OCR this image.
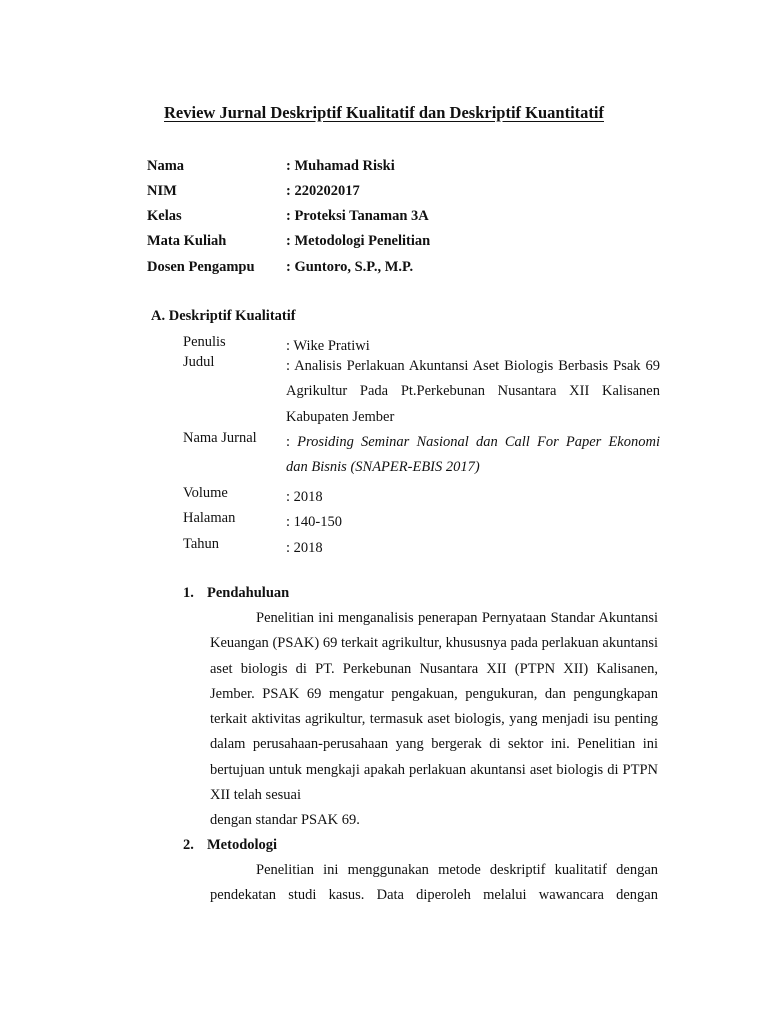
Review Jurnal Deskriptif Kualitatif dan Deskriptif Kuantitatif
Nama	: Muhamad Riski
NIM	: 220202017
Kelas	: Proteksi Tanaman 3A
Mata Kuliah	: Metodologi Penelitian
Dosen Pengampu : Guntoro, S.P., M.P.
A. Deskriptif Kualitatif
Penulis	: Wike Pratiwi
Judul	: Analisis Perlakuan Akuntansi Aset Biologis Berbasis Psak 69 Agrikultur Pada Pt.Perkebunan Nusantara XII Kalisanen
Kabupaten Jember
Nama Jurnal : Prosiding Seminar Nasional dan Call For Paper Ekonomi
dan Bisnis (SNAPER-EBIS 2017)
Volume	: 2018
Halaman	: 140-150
Tahun	: 2018
1. Pendahuluan
Penelitian ini menganalisis penerapan Pernyataan Standar Akuntansi Keuangan (PSAK) 69 terkait agrikultur, khususnya pada perlakuan akuntansi aset biologis di PT. Perkebunan Nusantara XII (PTPN XII) Kalisanen, Jember. PSAK 69 mengatur pengakuan, pengukuran, dan pengungkapan terkait aktivitas agrikultur, termasuk aset biologis, yang menjadi isu penting dalam perusahaan-perusahaan yang bergerak di sektor ini. Penelitian ini bertujuan untuk mengkaji apakah perlakuan akuntansi aset biologis di PTPN XII telah sesuai
dengan standar PSAK 69.
2. Metodologi
Penelitian ini menggunakan metode deskriptif kualitatif dengan pendekatan studi kasus. Data diperoleh melalui wawancara dengan
